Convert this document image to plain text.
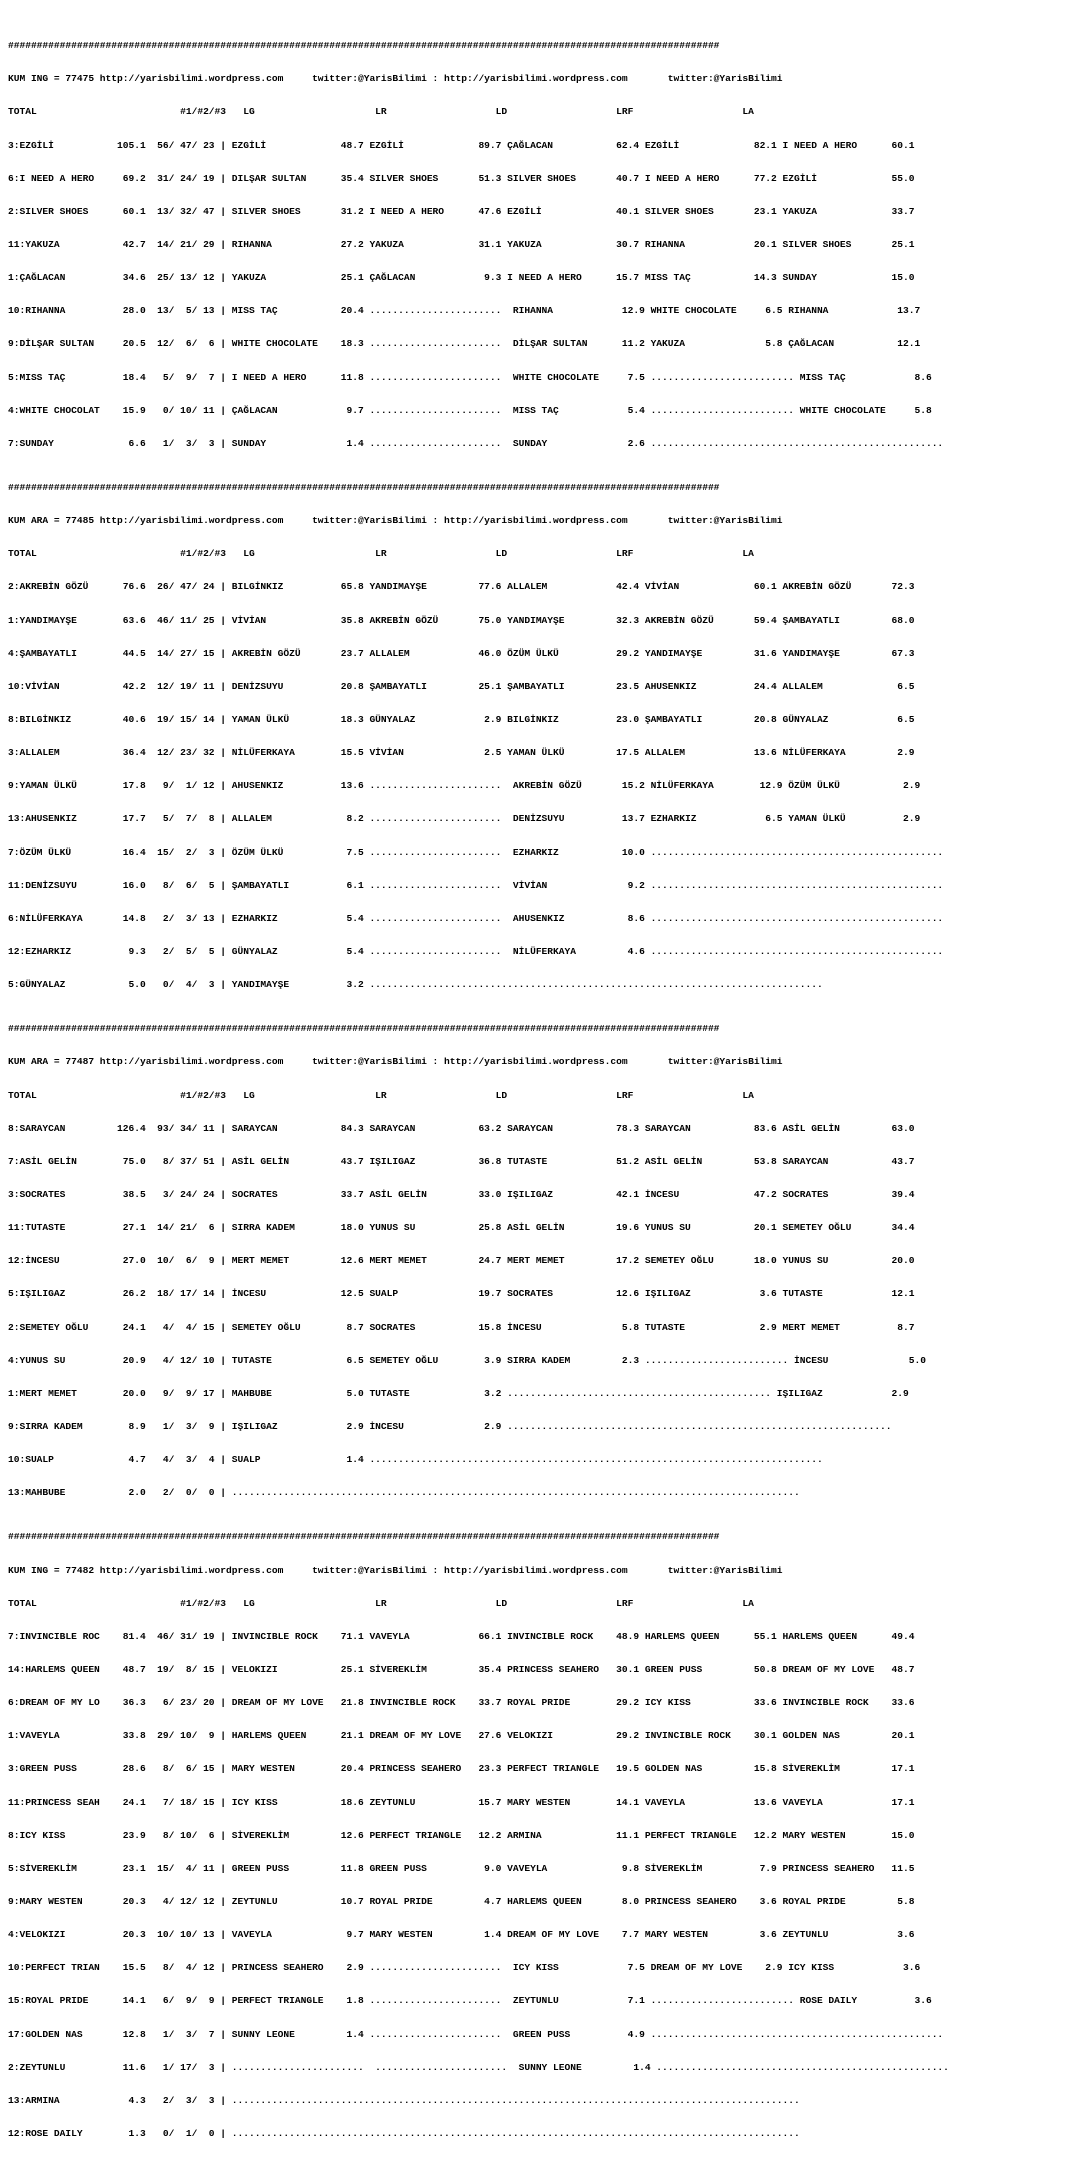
############################################################################################################################

KUM ING = 77475 http://yarisbilimi.wordpress.com     twitter:@YarisBilimi : http://yarisbilimi.wordpress.com       twitter:@YarisBilimi

TOTAL                         #1/#2/#3   LG                     LR                   LD                   LRF                   LA

3:EZGİLİ           105.1  56/ 47/ 23 | EZGİLİ             48.7 EZGİLİ             89.7 ÇAĞLACAN           62.4 EZGİLİ             82.1 I NEED A HERO      60.1

6:I NEED A HERO     69.2  31/ 24/ 19 | DILŞAR SULTAN      35.4 SILVER SHOES       51.3 SILVER SHOES       40.7 I NEED A HERO      77.2 EZGİLİ             55.0

2:SILVER SHOES      60.1  13/ 32/ 47 | SILVER SHOES       31.2 I NEED A HERO      47.6 EZGİLİ             40.1 SILVER SHOES       23.1 YAKUZA             33.7

11:YAKUZA           42.7  14/ 21/ 29 | RIHANNA            27.2 YAKUZA             31.1 YAKUZA             30.7 RIHANNA            20.1 SILVER SHOES       25.1

1:ÇAĞLACAN          34.6  25/ 13/ 12 | YAKUZA             25.1 ÇAĞLACAN            9.3 I NEED A HERO      15.7 MISS TAÇ           14.3 SUNDAY             15.0

10:RIHANNA          28.0  13/  5/ 13 | MISS TAÇ           20.4 .......................  RIHANNA            12.9 WHITE CHOCOLATE     6.5 RIHANNA            13.7

9:DİLŞAR SULTAN     20.5  12/  6/  6 | WHITE CHOCOLATE    18.3 .......................  DİLŞAR SULTAN      11.2 YAKUZA              5.8 ÇAĞLACAN           12.1

5:MISS TAÇ          18.4   5/  9/  7 | I NEED A HERO      11.8 .......................  WHITE CHOCOLATE     7.5 ......................... MISS TAÇ            8.6

4:WHITE CHOCOLAT    15.9   0/ 10/ 11 | ÇAĞLACAN            9.7 .......................  MISS TAÇ            5.4 ......................... WHITE CHOCOLATE     5.8

7:SUNDAY             6.6   1/  3/  3 | SUNDAY              1.4 .......................  SUNDAY              2.6 ...................................................

############################################################################################################################

KUM ARA = 77485 http://yarisbilimi.wordpress.com     twitter:@YarisBilimi : http://yarisbilimi.wordpress.com       twitter:@YarisBilimi

TOTAL                         #1/#2/#3   LG                     LR                   LD                   LRF                   LA

2:AKREBİN GÖZÜ      76.6  26/ 47/ 24 | BILGİNKIZ          65.8 YANDIMAYŞE         77.6 ALLALEM            42.4 VİVİAN             60.1 AKREBİN GÖZÜ       72.3

1:YANDIMAYŞE        63.6  46/ 11/ 25 | VİVİAN             35.8 AKREBİN GÖZÜ       75.0 YANDIMAYŞE         32.3 AKREBİN GÖZÜ       59.4 ŞAMBAYATLI         68.0

4:ŞAMBAYATLI        44.5  14/ 27/ 15 | AKREBİN GÖZÜ       23.7 ALLALEM            46.0 ÖZÜM ÜLKÜ          29.2 YANDIMAYŞE         31.6 YANDIMAYŞE         67.3

10:VİVİAN           42.2  12/ 19/ 11 | DENİZSUYU          20.8 ŞAMBAYATLI         25.1 ŞAMBAYATLI         23.5 AHUSENKIZ          24.4 ALLALEM             6.5

8:BILGİNKIZ         40.6  19/ 15/ 14 | YAMAN ÜLKÜ         18.3 GÜNYALAZ            2.9 BILGİNKIZ          23.0 ŞAMBAYATLI         20.8 GÜNYALAZ            6.5

3:ALLALEM           36.4  12/ 23/ 32 | NİLÜFERKAYA        15.5 VİVİAN              2.5 YAMAN ÜLKÜ         17.5 ALLALEM            13.6 NİLÜFERKAYA         2.9

9:YAMAN ÜLKÜ        17.8   9/  1/ 12 | AHUSENKIZ          13.6 .......................  AKREBİN GÖZÜ       15.2 NİLÜFERKAYA        12.9 ÖZÜM ÜLKÜ           2.9

13:AHUSENKIZ        17.7   5/  7/  8 | ALLALEM             8.2 .......................  DENİZSUYU          13.7 EZHARKIZ            6.5 YAMAN ÜLKÜ          2.9

7:ÖZÜM ÜLKÜ         16.4  15/  2/  3 | ÖZÜM ÜLKÜ           7.5 .......................  EZHARKIZ           10.0 ...................................................

11:DENİZSUYU        16.0   8/  6/  5 | ŞAMBAYATLI          6.1 .......................  VİVİAN              9.2 ...................................................

6:NİLÜFERKAYA       14.8   2/  3/ 13 | EZHARKIZ            5.4 .......................  AHUSENKIZ           8.6 ...................................................

12:EZHARKIZ          9.3   2/  5/  5 | GÜNYALAZ            5.4 .......................  NİLÜFERKAYA         4.6 ...................................................

5:GÜNYALAZ           5.0   0/  4/  3 | YANDIMAYŞE          3.2 ...............................................................................

############################################################################################################################

KUM ARA = 77487 http://yarisbilimi.wordpress.com     twitter:@YarisBilimi : http://yarisbilimi.wordpress.com       twitter:@YarisBilimi

TOTAL                         #1/#2/#3   LG                     LR                   LD                   LRF                   LA

8:SARAYCAN         126.4  93/ 34/ 11 | SARAYCAN           84.3 SARAYCAN           63.2 SARAYCAN           78.3 SARAYCAN           83.6 ASİL GELİN         63.0

7:ASİL GELİN        75.0   8/ 37/ 51 | ASİL GELİN         43.7 IŞILIGAZ           36.8 TUTASTE            51.2 ASİL GELİN         53.8 SARAYCAN           43.7

3:SOCRATES          38.5   3/ 24/ 24 | SOCRATES           33.7 ASİL GELİN         33.0 IŞILIGAZ           42.1 İNCESU             47.2 SOCRATES           39.4

11:TUTASTE          27.1  14/ 21/  6 | SIRRA KADEM        18.0 YUNUS SU           25.8 ASİL GELİN         19.6 YUNUS SU           20.1 SEMETEY OĞLU       34.4

12:İNCESU           27.0  10/  6/  9 | MERT MEMET         12.6 MERT MEMET         24.7 MERT MEMET         17.2 SEMETEY OĞLU       18.0 YUNUS SU           20.0

5:IŞILIGAZ          26.2  18/ 17/ 14 | İNCESU             12.5 SUALP              19.7 SOCRATES           12.6 IŞILIGAZ            3.6 TUTASTE            12.1

2:SEMETEY OĞLU      24.1   4/  4/ 15 | SEMETEY OĞLU        8.7 SOCRATES           15.8 İNCESU              5.8 TUTASTE             2.9 MERT MEMET          8.7

4:YUNUS SU          20.9   4/ 12/ 10 | TUTASTE             6.5 SEMETEY OĞLU        3.9 SIRRA KADEM         2.3 ......................... İNCESU              5.0

1:MERT MEMET        20.0   9/  9/ 17 | MAHBUBE             5.0 TUTASTE             3.2 .............................................. IŞILIGAZ            2.9

9:SIRRA KADEM        8.9   1/  3/  9 | IŞILIGAZ            2.9 İNCESU              2.9 ...................................................................

10:SUALP             4.7   4/  3/  4 | SUALP               1.4 ...............................................................................

13:MAHBUBE           2.0   2/  0/  0 | ...................................................................................................

############################################################################################################################

KUM ING = 77482 http://yarisbilimi.wordpress.com     twitter:@YarisBilimi : http://yarisbilimi.wordpress.com       twitter:@YarisBilimi

TOTAL                         #1/#2/#3   LG                     LR                   LD                   LRF                   LA

7:INVINCIBLE ROC    81.4  46/ 31/ 19 | INVINCIBLE ROCK    71.1 VAVEYLA            66.1 INVINCIBLE ROCK    48.9 HARLEMS QUEEN      55.1 HARLEMS QUEEN      49.4

14:HARLEMS QUEEN    48.7  19/  8/ 15 | VELOKIZI           25.1 SİVEREKLİM         35.4 PRINCESS SEAHERO   30.1 GREEN PUSS         50.8 DREAM OF MY LOVE   48.7

6:DREAM OF MY LO    36.3   6/ 23/ 20 | DREAM OF MY LOVE   21.8 INVINCIBLE ROCK    33.7 ROYAL PRIDE        29.2 ICY KISS           33.6 INVINCIBLE ROCK    33.6

1:VAVEYLA           33.8  29/ 10/  9 | HARLEMS QUEEN      21.1 DREAM OF MY LOVE   27.6 VELOKIZI           29.2 INVINCIBLE ROCK    30.1 GOLDEN NAS         20.1

3:GREEN PUSS        28.6   8/  6/ 15 | MARY WESTEN        20.4 PRINCESS SEAHERO   23.3 PERFECT TRIANGLE   19.5 GOLDEN NAS         15.8 SİVEREKLİM         17.1

11:PRINCESS SEAH    24.1   7/ 18/ 15 | ICY KISS           18.6 ZEYTUNLU           15.7 MARY WESTEN        14.1 VAVEYLA            13.6 VAVEYLA            17.1

8:ICY KISS          23.9   8/ 10/  6 | SİVEREKLİM         12.6 PERFECT TRIANGLE   12.2 ARMINA             11.1 PERFECT TRIANGLE   12.2 MARY WESTEN        15.0

5:SİVEREKLİM        23.1  15/  4/ 11 | GREEN PUSS         11.8 GREEN PUSS          9.0 VAVEYLA             9.8 SİVEREKLİM          7.9 PRINCESS SEAHERO   11.5

9:MARY WESTEN       20.3   4/ 12/ 12 | ZEYTUNLU           10.7 ROYAL PRIDE         4.7 HARLEMS QUEEN       8.0 PRINCESS SEAHERO    3.6 ROYAL PRIDE         5.8

4:VELOKIZI          20.3  10/ 10/ 13 | VAVEYLA             9.7 MARY WESTEN         1.4 DREAM OF MY LOVE    7.7 MARY WESTEN         3.6 ZEYTUNLU            3.6

10:PERFECT TRIAN    15.5   8/  4/ 12 | PRINCESS SEAHERO    2.9 .......................  ICY KISS            7.5 DREAM OF MY LOVE    2.9 ICY KISS            3.6

15:ROYAL PRIDE      14.1   6/  9/  9 | PERFECT TRIANGLE    1.8 .......................  ZEYTUNLU            7.1 ......................... ROSE DAILY          3.6

17:GOLDEN NAS       12.8   1/  3/  7 | SUNNY LEONE         1.4 .......................  GREEN PUSS          4.9 ...................................................

2:ZEYTUNLU          11.6   1/ 17/  3 | .......................  .......................  SUNNY LEONE         1.4 ...................................................

13:ARMINA            4.3   2/  3/  3 | ...................................................................................................

12:ROSE DAILY        1.3   0/  1/  0 | ...................................................................................................
